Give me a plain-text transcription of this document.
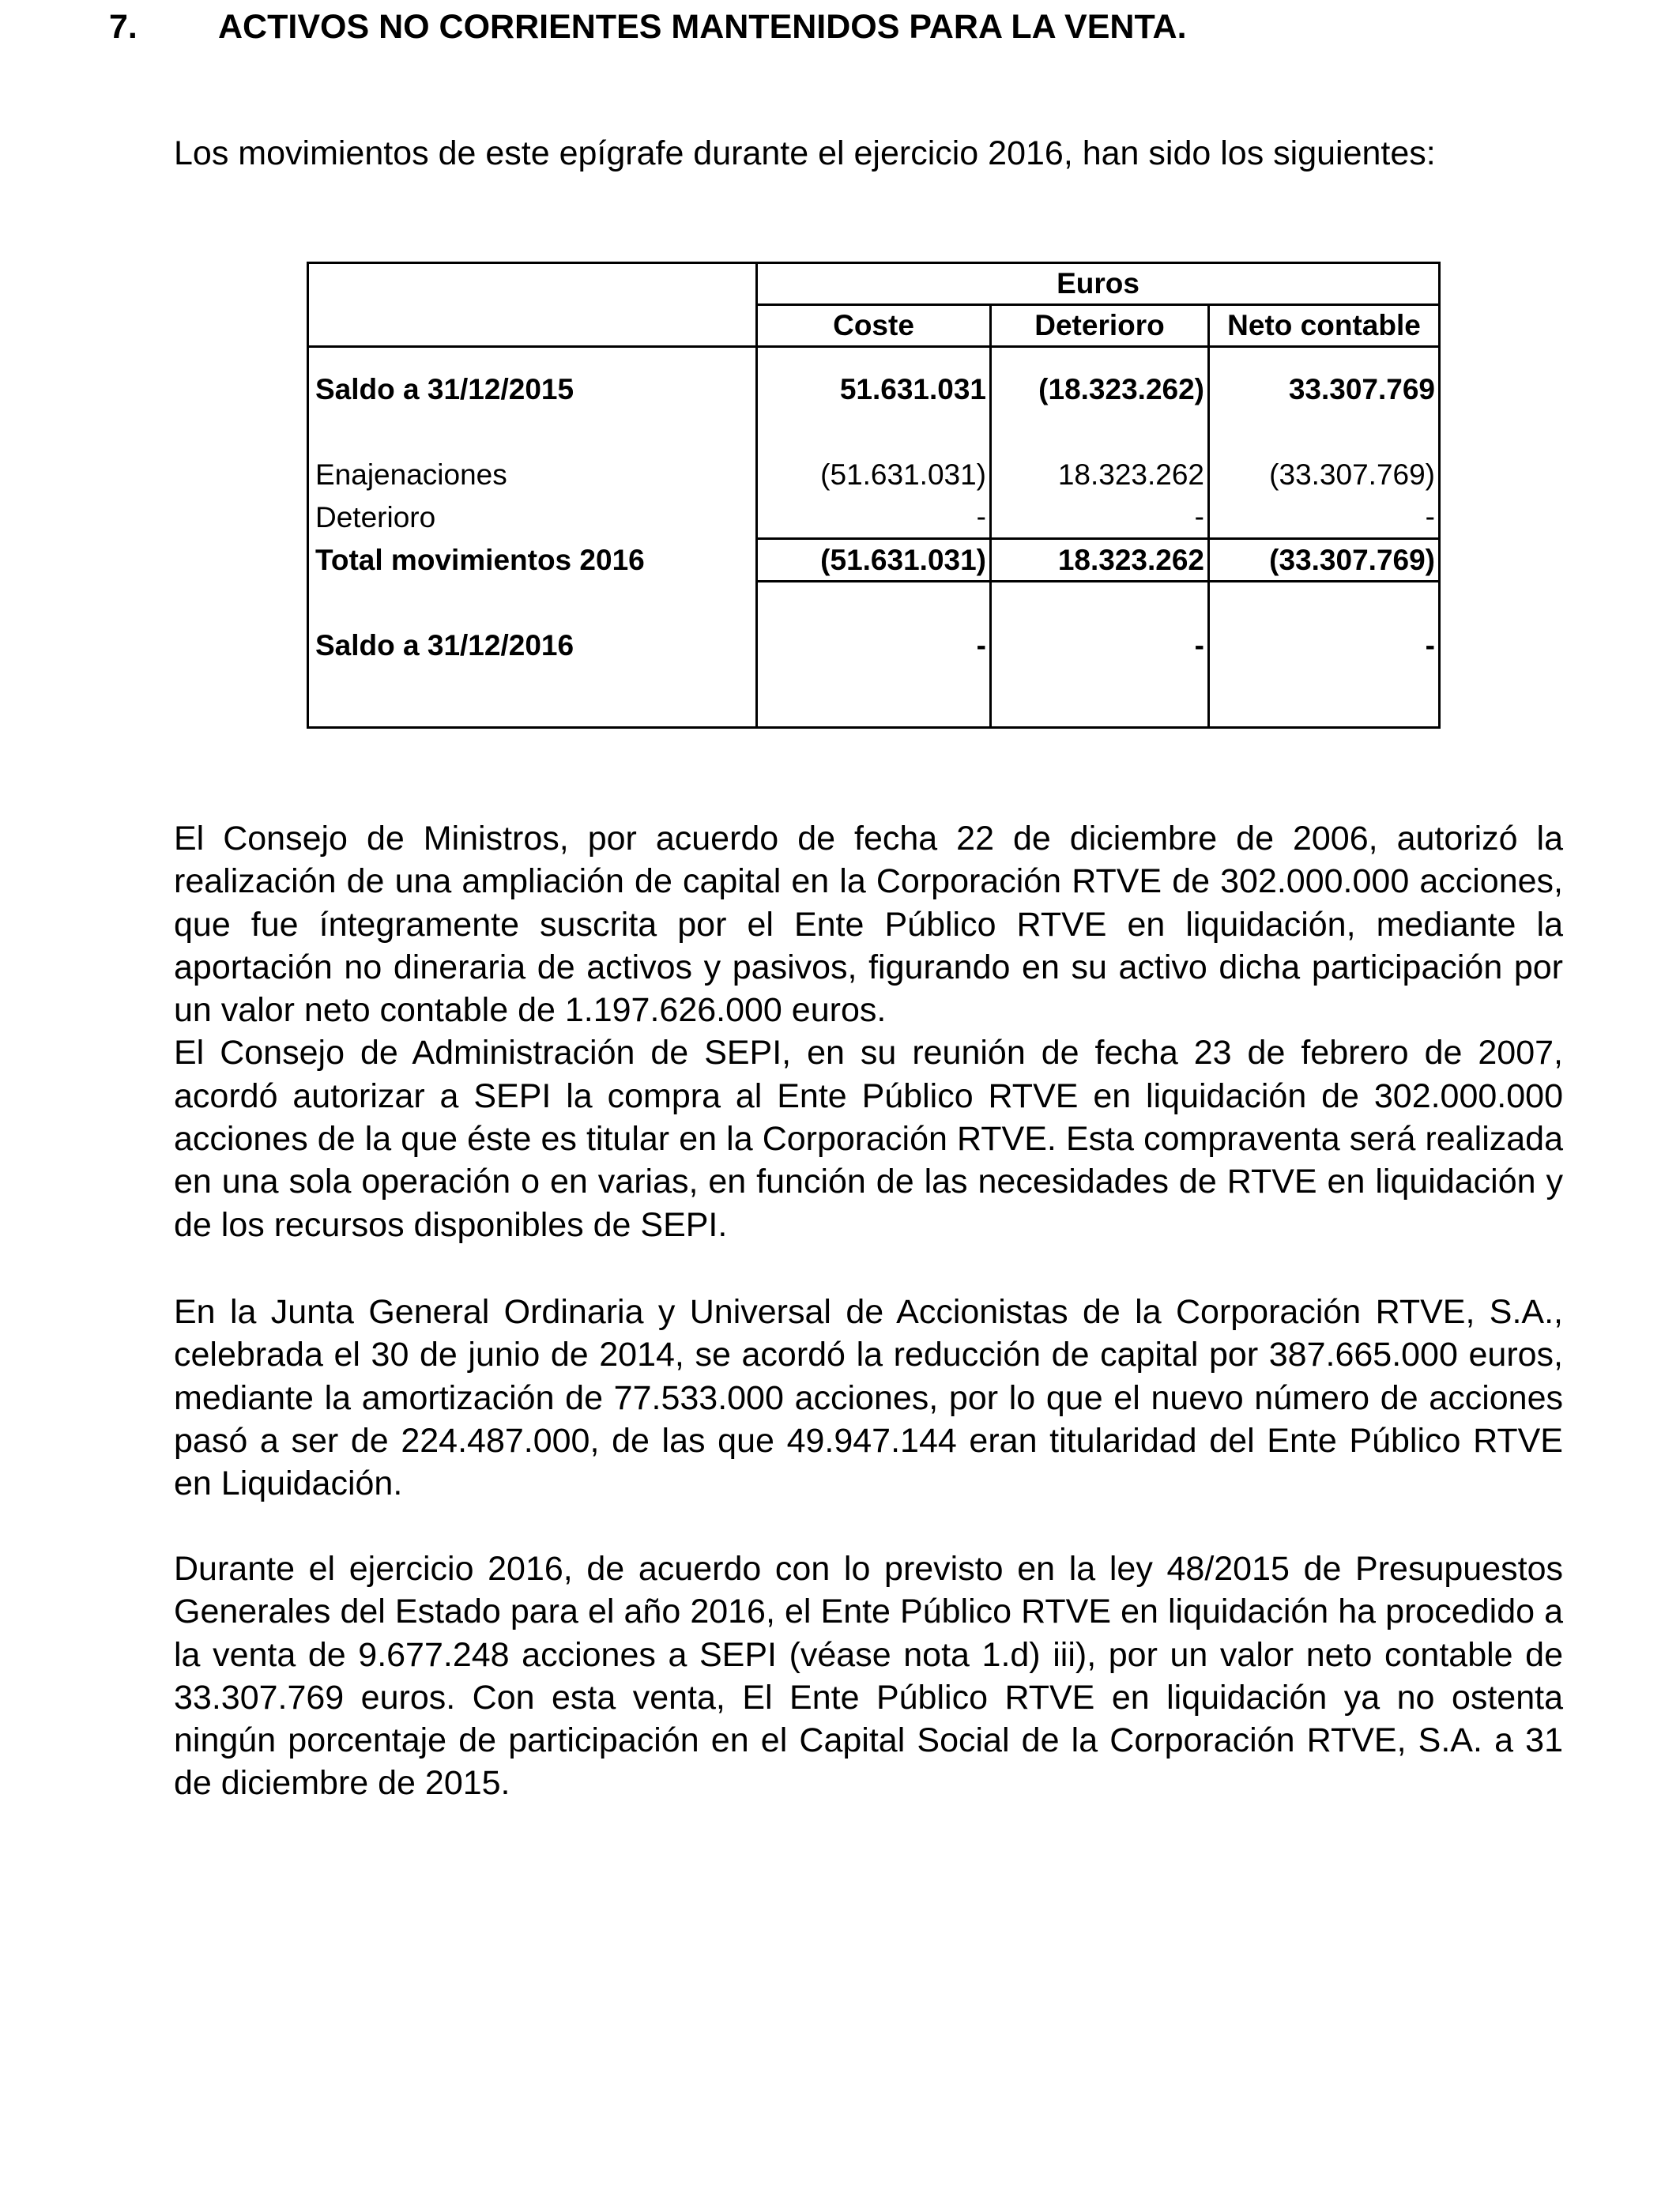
7. ACTIVOS NO CORRIENTES MANTENIDOS PARA LA VENTA.
Los movimientos de este epígrafe durante el ejercicio 2016, han sido los siguientes:
	Euros		
	Coste	Deterioro	Neto contable

Saldo a 31/12/2015	51.631.031	(18.323.262)	33.307.769

Enajenaciones	(51.631.031)	18.323.262	(33.307.769)
Deterioro	-	-	-
Total movimientos 2016	(51.631.031)	18.323.262	(33.307.769)

Saldo a 31/12/2016	-	-	-

El Consejo de Ministros, por acuerdo de fecha 22 de diciembre de 2006, autorizó la realización de una ampliación de capital en la Corporación RTVE de 302.000.000 acciones, que fue íntegramente suscrita por el Ente Público RTVE en liquidación, mediante la aportación no dineraria de activos y pasivos, figurando en su activo dicha participación por un valor neto contable de 1.197.626.000 euros.

El Consejo de Administración de SEPI, en su reunión de fecha 23 de febrero de 2007, acordó autorizar a SEPI la compra al Ente Público RTVE en liquidación de 302.000.000 acciones de la que éste es titular en la Corporación RTVE. Esta compraventa será realizada en una sola operación o en varias, en función de las necesidades de RTVE en liquidación y de los recursos disponibles de SEPI.

En la Junta General Ordinaria y Universal de Accionistas de la Corporación RTVE, S.A., celebrada el 30 de junio de 2014, se acordó la reducción de capital por 387.665.000 euros, mediante la amortización de 77.533.000 acciones, por lo que el nuevo número de acciones pasó a ser de 224.487.000, de las que 49.947.144 eran titularidad del Ente Público RTVE en Liquidación.

Durante el ejercicio 2016, de acuerdo con lo previsto en la ley 48/2015 de Presupuestos Generales del Estado para el año 2016, el Ente Público RTVE en liquidación ha procedido a la venta de 9.677.248 acciones a SEPI (véase nota 1.d) iii), por un valor neto contable de 33.307.769 euros. Con esta venta, El Ente Público RTVE en liquidación ya no ostenta ningún porcentaje de participación en el Capital Social de la Corporación RTVE, S.A. a 31 de diciembre de 2015.
